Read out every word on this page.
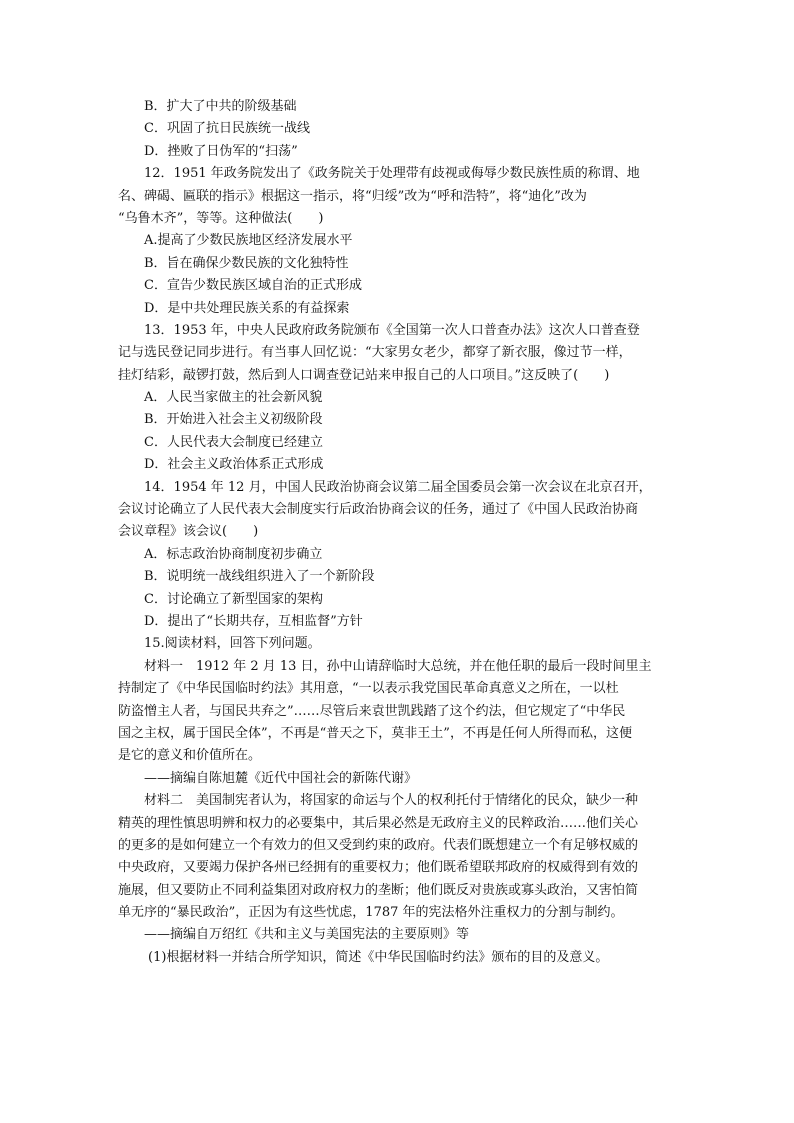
B．扩大了中共的阶级基础
C．巩固了抗日民族统一战线
D．挫败了日伪军的“扫荡”
12．1951 年政务院发出了《政务院关于处理带有歧视或侮辱少数民族性质的称谓、地
名、碑碣、匾联的指示》根据这一指示，将“归绥”改为“呼和浩特”，将“迪化”改为
“乌鲁木齐”，等等。这种做法(　　)
A.提高了少数民族地区经济发展水平
B．旨在确保少数民族的文化独特性
C．宣告少数民族区域自治的正式形成
D．是中共处理民族关系的有益探索
13．1953 年，中央人民政府政务院颁布《全国第一次人口普查办法》这次人口普查登
记与选民登记同步进行。有当事人回忆说：“大家男女老少，都穿了新衣服，像过节一样，
挂灯结彩，敲锣打鼓，然后到人口调查登记站来申报自己的人口项目。”这反映了(　　)
A．人民当家做主的社会新风貌
B．开始进入社会主义初级阶段
C．人民代表大会制度已经建立
D．社会主义政治体系正式形成
14．1954 年 12 月，中国人民政治协商会议第二届全国委员会第一次会议在北京召开，
会议讨论确立了人民代表大会制度实行后政治协商会议的任务，通过了《中国人民政治协商
会议章程》该会议(　　)
A．标志政治协商制度初步确立
B．说明统一战线组织进入了一个新阶段
C．讨论确立了新型国家的架构
D．提出了“长期共存，互相监督”方针
15.阅读材料，回答下列问题。
材料一　1912 年 2 月 13 日，孙中山请辞临时大总统，并在他任职的最后一段时间里主
持制定了《中华民国临时约法》其用意，“一以表示我党国民革命真意义之所在，一以杜
防盗憎主人者，与国民共弃之”……尽管后来袁世凯践踏了这个约法，但它规定了“中华民
国之主权，属于国民全体”，不再是“普天之下，莫非王土”，不再是任何人所得而私，这便
是它的意义和价值所在。
——摘编自陈旭麓《近代中国社会的新陈代谢》
材料二　美国制宪者认为，将国家的命运与个人的权利托付于情绪化的民众，缺少一种
精英的理性慎思明辨和权力的必要集中，其后果必然是无政府主义的民粹政治……他们关心
的更多的是如何建立一个有效力的但又受到约束的政府。代表们既想建立一个有足够权威的
中央政府，又要竭力保护各州已经拥有的重要权力；他们既希望联邦政府的权威得到有效的
施展，但又要防止不同利益集团对政府权力的垄断；他们既反对贵族或寡头政治，又害怕简
单无序的“暴民政治”，正因为有这些忧虑，1787 年的宪法格外注重权力的分割与制约。
——摘编自万绍红《共和主义与美国宪法的主要原则》等
(1)根据材料一并结合所学知识，简述《中华民国临时约法》颁布的目的及意义。
